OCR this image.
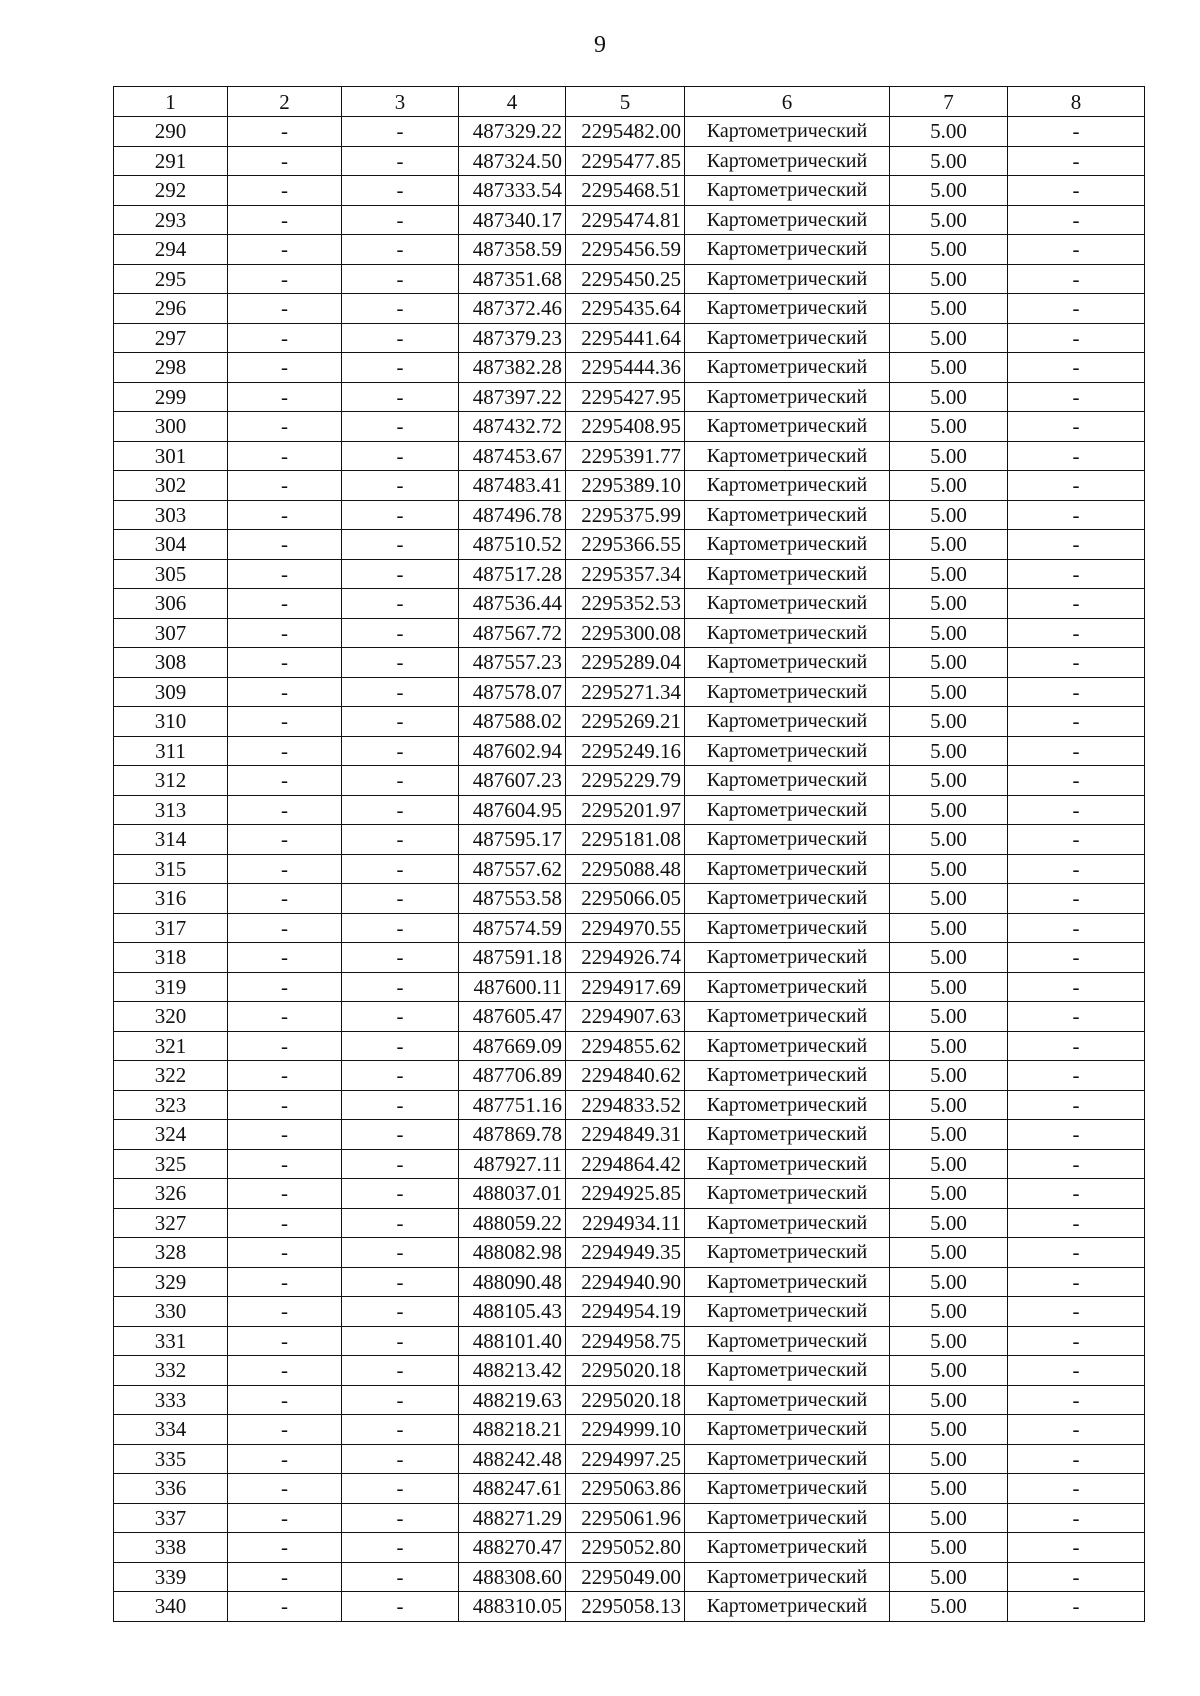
9
1	2	3	4	5	6	7	8
290	-	-	487329.22	2295482.00	Картометрический	5.00	-
291	-	-	487324.50	2295477.85	Картометрический	5.00	-
292	-	-	487333.54	2295468.51	Картометрический	5.00	-
293	-	-	487340.17	2295474.81	Картометрический	5.00	-
294	-	-	487358.59	2295456.59	Картометрический	5.00	-
295	-	-	487351.68	2295450.25	Картометрический	5.00	-
296	-	-	487372.46	2295435.64	Картометрический	5.00	-
297	-	-	487379.23	2295441.64	Картометрический	5.00	-
298	-	-	487382.28	2295444.36	Картометрический	5.00	-
299	-	-	487397.22	2295427.95	Картометрический	5.00	-
300	-	-	487432.72	2295408.95	Картометрический	5.00	-
301	-	-	487453.67	2295391.77	Картометрический	5.00	-
302	-	-	487483.41	2295389.10	Картометрический	5.00	-
303	-	-	487496.78	2295375.99	Картометрический	5.00	-
304	-	-	487510.52	2295366.55	Картометрический	5.00	-
305	-	-	487517.28	2295357.34	Картометрический	5.00	-
306	-	-	487536.44	2295352.53	Картометрический	5.00	-
307	-	-	487567.72	2295300.08	Картометрический	5.00	-
308	-	-	487557.23	2295289.04	Картометрический	5.00	-
309	-	-	487578.07	2295271.34	Картометрический	5.00	-
310	-	-	487588.02	2295269.21	Картометрический	5.00	-
311	-	-	487602.94	2295249.16	Картометрический	5.00	-
312	-	-	487607.23	2295229.79	Картометрический	5.00	-
313	-	-	487604.95	2295201.97	Картометрический	5.00	-
314	-	-	487595.17	2295181.08	Картометрический	5.00	-
315	-	-	487557.62	2295088.48	Картометрический	5.00	-
316	-	-	487553.58	2295066.05	Картометрический	5.00	-
317	-	-	487574.59	2294970.55	Картометрический	5.00	-
318	-	-	487591.18	2294926.74	Картометрический	5.00	-
319	-	-	487600.11	2294917.69	Картометрический	5.00	-
320	-	-	487605.47	2294907.63	Картометрический	5.00	-
321	-	-	487669.09	2294855.62	Картометрический	5.00	-
322	-	-	487706.89	2294840.62	Картометрический	5.00	-
323	-	-	487751.16	2294833.52	Картометрический	5.00	-
324	-	-	487869.78	2294849.31	Картометрический	5.00	-
325	-	-	487927.11	2294864.42	Картометрический	5.00	-
326	-	-	488037.01	2294925.85	Картометрический	5.00	-
327	-	-	488059.22	2294934.11	Картометрический	5.00	-
328	-	-	488082.98	2294949.35	Картометрический	5.00	-
329	-	-	488090.48	2294940.90	Картометрический	5.00	-
330	-	-	488105.43	2294954.19	Картометрический	5.00	-
331	-	-	488101.40	2294958.75	Картометрический	5.00	-
332	-	-	488213.42	2295020.18	Картометрический	5.00	-
333	-	-	488219.63	2295020.18	Картометрический	5.00	-
334	-	-	488218.21	2294999.10	Картометрический	5.00	-
335	-	-	488242.48	2294997.25	Картометрический	5.00	-
336	-	-	488247.61	2295063.86	Картометрический	5.00	-
337	-	-	488271.29	2295061.96	Картометрический	5.00	-
338	-	-	488270.47	2295052.80	Картометрический	5.00	-
339	-	-	488308.60	2295049.00	Картометрический	5.00	-
340	-	-	488310.05	2295058.13	Картометрический	5.00	-
